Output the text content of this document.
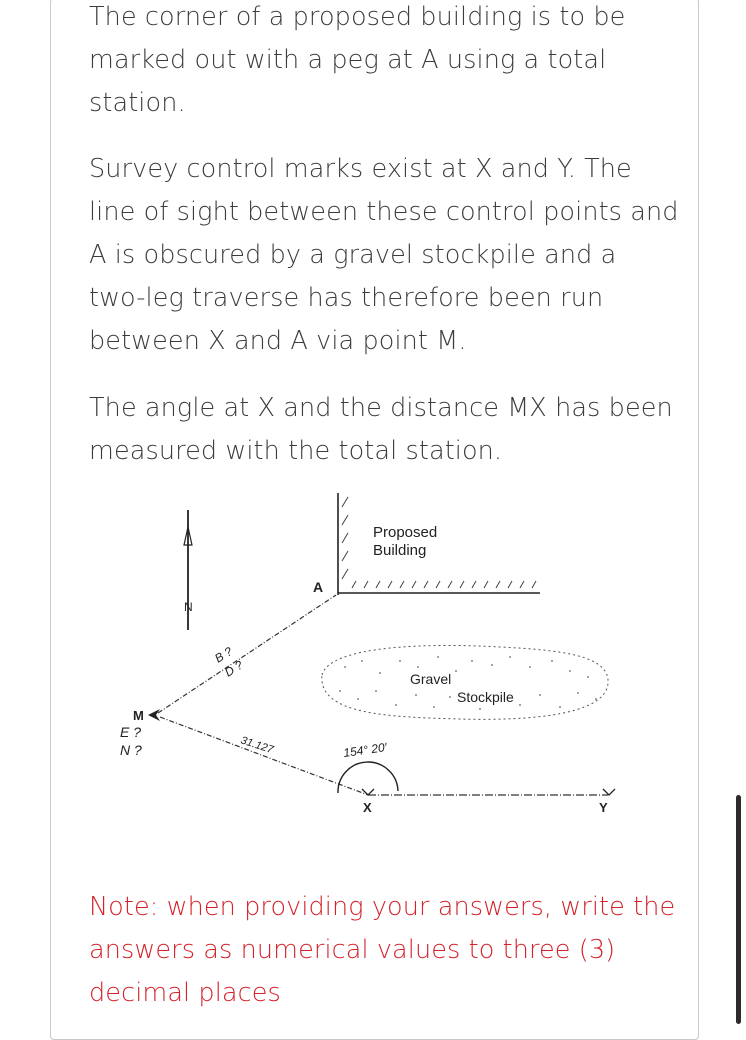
The corner of a proposed building is to be marked out with a peg at A using a total station.

Survey control marks exist at X and Y. The line of sight between these control points and A is obscured by a gravel stockpile and a two-leg traverse has therefore been run between X and A via point M.

The angle at X and the distance MX has been measured with the total station.

N
Proposed
Building
A
B ?
D ?
31.127
M
E ?
N ?
Gravel
Stockpile
154° 20′
X	Y

Note: when providing your answers, write the answers as numerical values to three (3) decimal places
